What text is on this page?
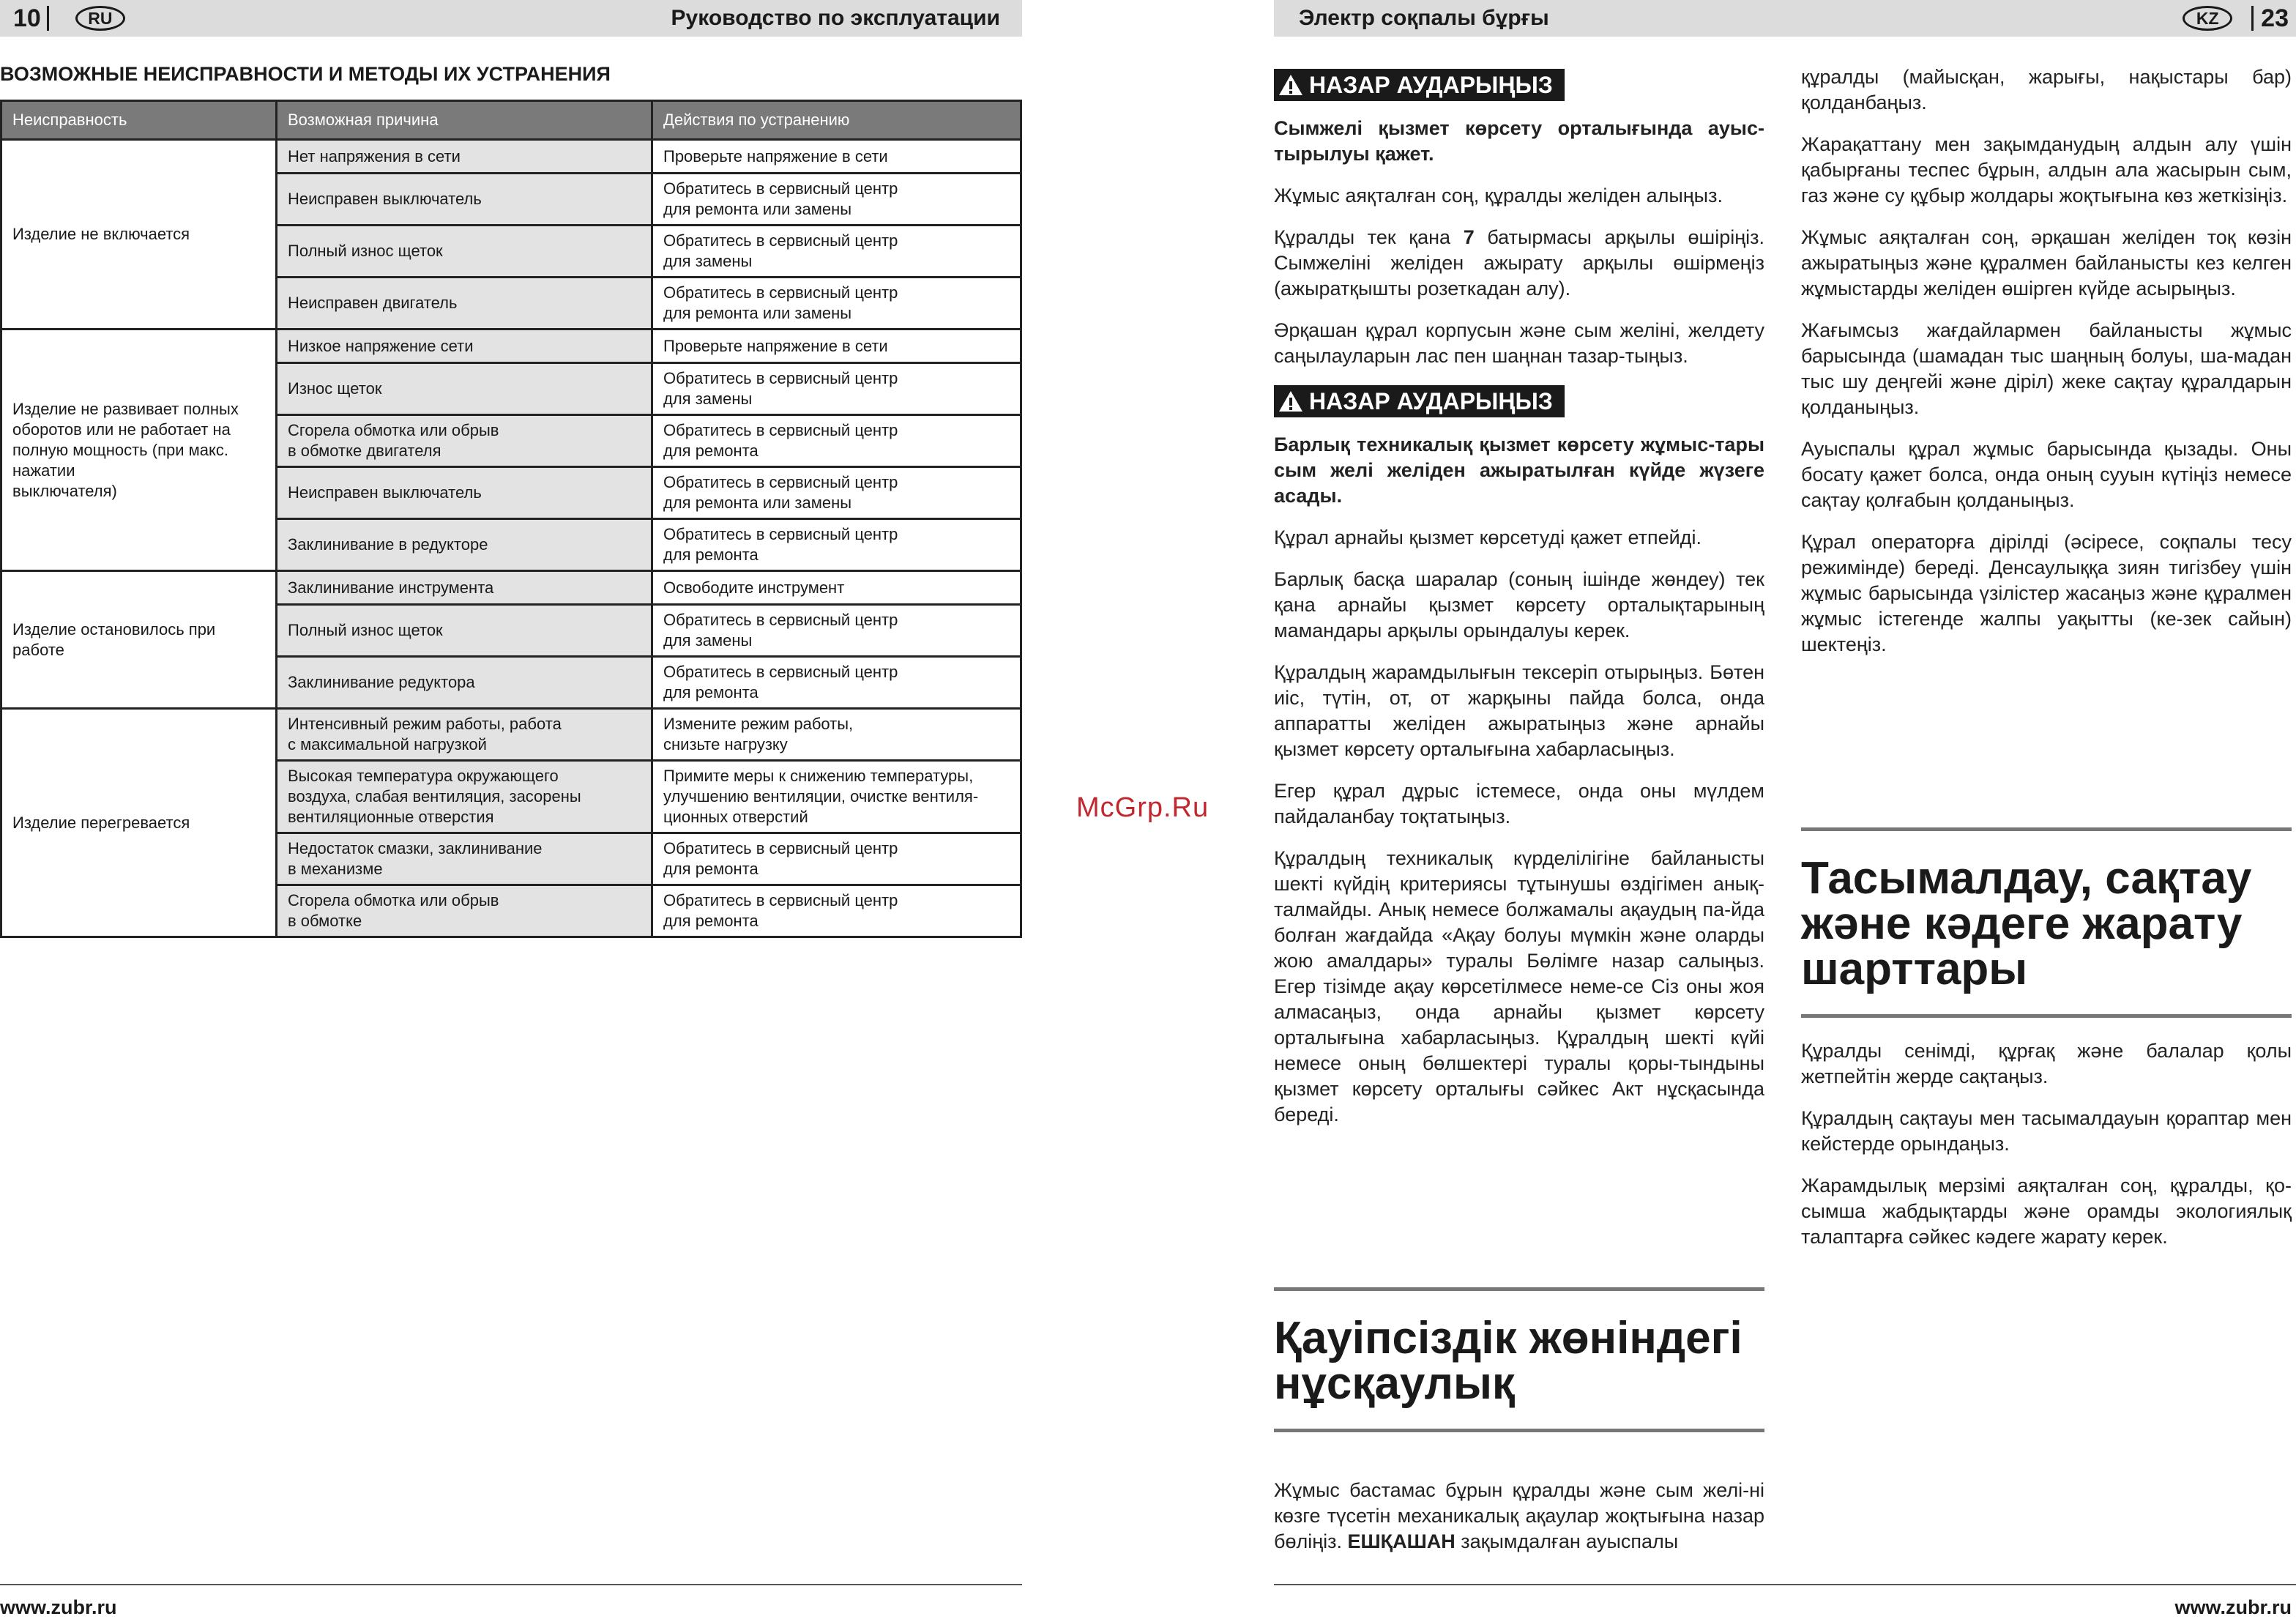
10	RU	Руководство по эксплуатации
ВОЗМОЖНЫЕ НЕИСПРАВНОСТИ И МЕТОДЫ ИХ УСТРАНЕНИЯ
Неисправность	Возможная причина	Действия по устранению
Изделие не включается	Нет напряжения в сети	Проверьте напряжение в сети
	Неисправен выключатель	Обратитесь в сервисный центр
для ремонта или замены
	Полный износ щеток	Обратитесь в сервисный центр
для замены
	Неисправен двигатель	Обратитесь в сервисный центр
для ремонта или замены
Изделие не развивает полных
оборотов или не работает на
полную мощность (при макс.
нажатии
выключателя)	Низкое напряжение сети	Проверьте напряжение в сети
	Износ щеток	Обратитесь в сервисный центр
для замены
	Сгорела обмотка или обрыв
в обмотке двигателя	Обратитесь в сервисный центр
для ремонта
	Неисправен выключатель	Обратитесь в сервисный центр
для ремонта или замены
	Заклинивание в редукторе	Обратитесь в сервисный центр
для ремонта
Изделие остановилось при
работе	Заклинивание инструмента	Освободите инструмент
	Полный износ щеток	Обратитесь в сервисный центр
для замены
	Заклинивание редуктора	Обратитесь в сервисный центр
для ремонта
Изделие перегревается	Интенсивный режим работы, работа
с максимальной нагрузкой	Измените режим работы,
снизьте нагрузку
	Высокая температура окружающего
воздуха, слабая вентиляция, засорены
вентиляционные отверстия	Примите меры к снижению температуры,
улучшению вентиляции, очистке вентиля-
ционных отверстий
	Недостаток смазки, заклинивание
в механизме	Обратитесь в сервисный центр
для ремонта
	Сгорела обмотка или обрыв
в обмотке	Обратитесь в сервисный центр
для ремонта
McGrp.Ru
www.zubr.ru
Электр соқпалы бұрғы	KZ	23
НАЗАР АУДАРЫҢЫЗ

Сымжелі қызмет көрсету орталығында ауыс-тырылуы қажет.

Жұмыс аяқталған соң, құралды желіден алыңыз.

Құралды тек қана 7 батырмасы арқылы өшіріңіз. Сымжеліні желіден ажырату арқылы өшірмеңіз (ажыратқышты розеткадан алу).

Әрқашан құрал корпусын және сым желіні, желдету саңылауларын лас пен шаңнан тазар-тыңыз.

НАЗАР АУДАРЫҢЫЗ

Барлық техникалық қызмет көрсету жұмыс-тары сым желі желіден ажыратылған күйде жүзеге асады.

Құрал арнайы қызмет көрсетуді қажет етпейді.

Барлық басқа шаралар (соның ішінде жөндеу) тек қана арнайы қызмет көрсету орталықтарының мамандары арқылы орындалуы керек.

Құралдың жарамдылығын тексеріп отырыңыз. Бөтен иіс, түтін, от, от жарқыны пайда болса, онда аппаратты желіден ажыратыңыз және арнайы қызмет көрсету орталығына хабарласыңыз.

Егер құрал дұрыс істемесе, онда оны мүлдем пайдаланбау тоқтатыңыз.

Құралдың техникалық күрделілігіне байланысты шекті күйдің критерияcы тұтынушы өздігімен анық-талмайды. Анық немесе болжамалы ақаудың па-йда болған жағдайда «Ақау болуы мүмкін және оларды жою амалдары» туралы Бөлімге назар салыңыз. Егер тізімде ақау көрсетілмесе неме-се Сіз оны жоя алмасаңыз, онда арнайы қызмет көрсету орталығына хабарласыңыз. Құралдың шекті күйі немесе оның бөлшектері туралы қоры-тындыны қызмет көрсету орталығы сәйкес Акт нұсқасында береді.

Қауіпсіздік жөніндегі нұсқаулық

Жұмыс бастамас бұрын құралды және сым желі-ні көзге түсетін механикалық ақаулар жоқтығына назар бөліңіз. ЕШҚАШАН зақымдалған ауыспалы

құралды (майысқан, жарығы, нақыстары бар) қолданбаңыз.

Жарақаттану мен зақымданудың алдын алу үшін қабырғаны теспес бұрын, алдын ала жасырын сым, газ және су құбыр жолдары жоқтығына көз жеткізіңіз.

Жұмыс аяқталған соң, әрқашан желіден тоқ көзін ажыратыңыз және құралмен байланысты кез келген жұмыстарды желіден өшірген күйде асырыңыз.

Жағымсыз жағдайлармен байланысты жұмыс барысында (шамадан тыс шаңның болуы, ша-мадан тыс шу деңгейі және діріл) жеке сақтау құралдарын қолданыңыз.

Ауыспалы құрал жұмыс барысында қызады. Оны босату қажет болса, онда оның сууын күтіңіз немесе сақтау қолғабын қолданыңыз.

Құрал операторға дірілді (әсіресе, соқпалы тесу режимінде) береді. Денсаулыққа зиян тигізбеу үшін жұмыс барысында үзілістер жасаңыз және құралмен жұмыс істегенде жалпы уақытты (ке-зек сайын) шектеңіз.

Тасымалдау, сақтау және кәдеге жарату шарттары

Құралды сенімді, құрғақ және балалар қолы жетпейтін жерде сақтаңыз.

Құралдың сақтауы мен тасымалдауын қораптар мен кейстерде орындаңыз.

Жарамдылық мерзімі аяқталған соң, құралды, қо-сымша жабдықтарды және орамды экологиялық талаптарға сәйкес кәдеге жарату керек.

www.zubr.ru
